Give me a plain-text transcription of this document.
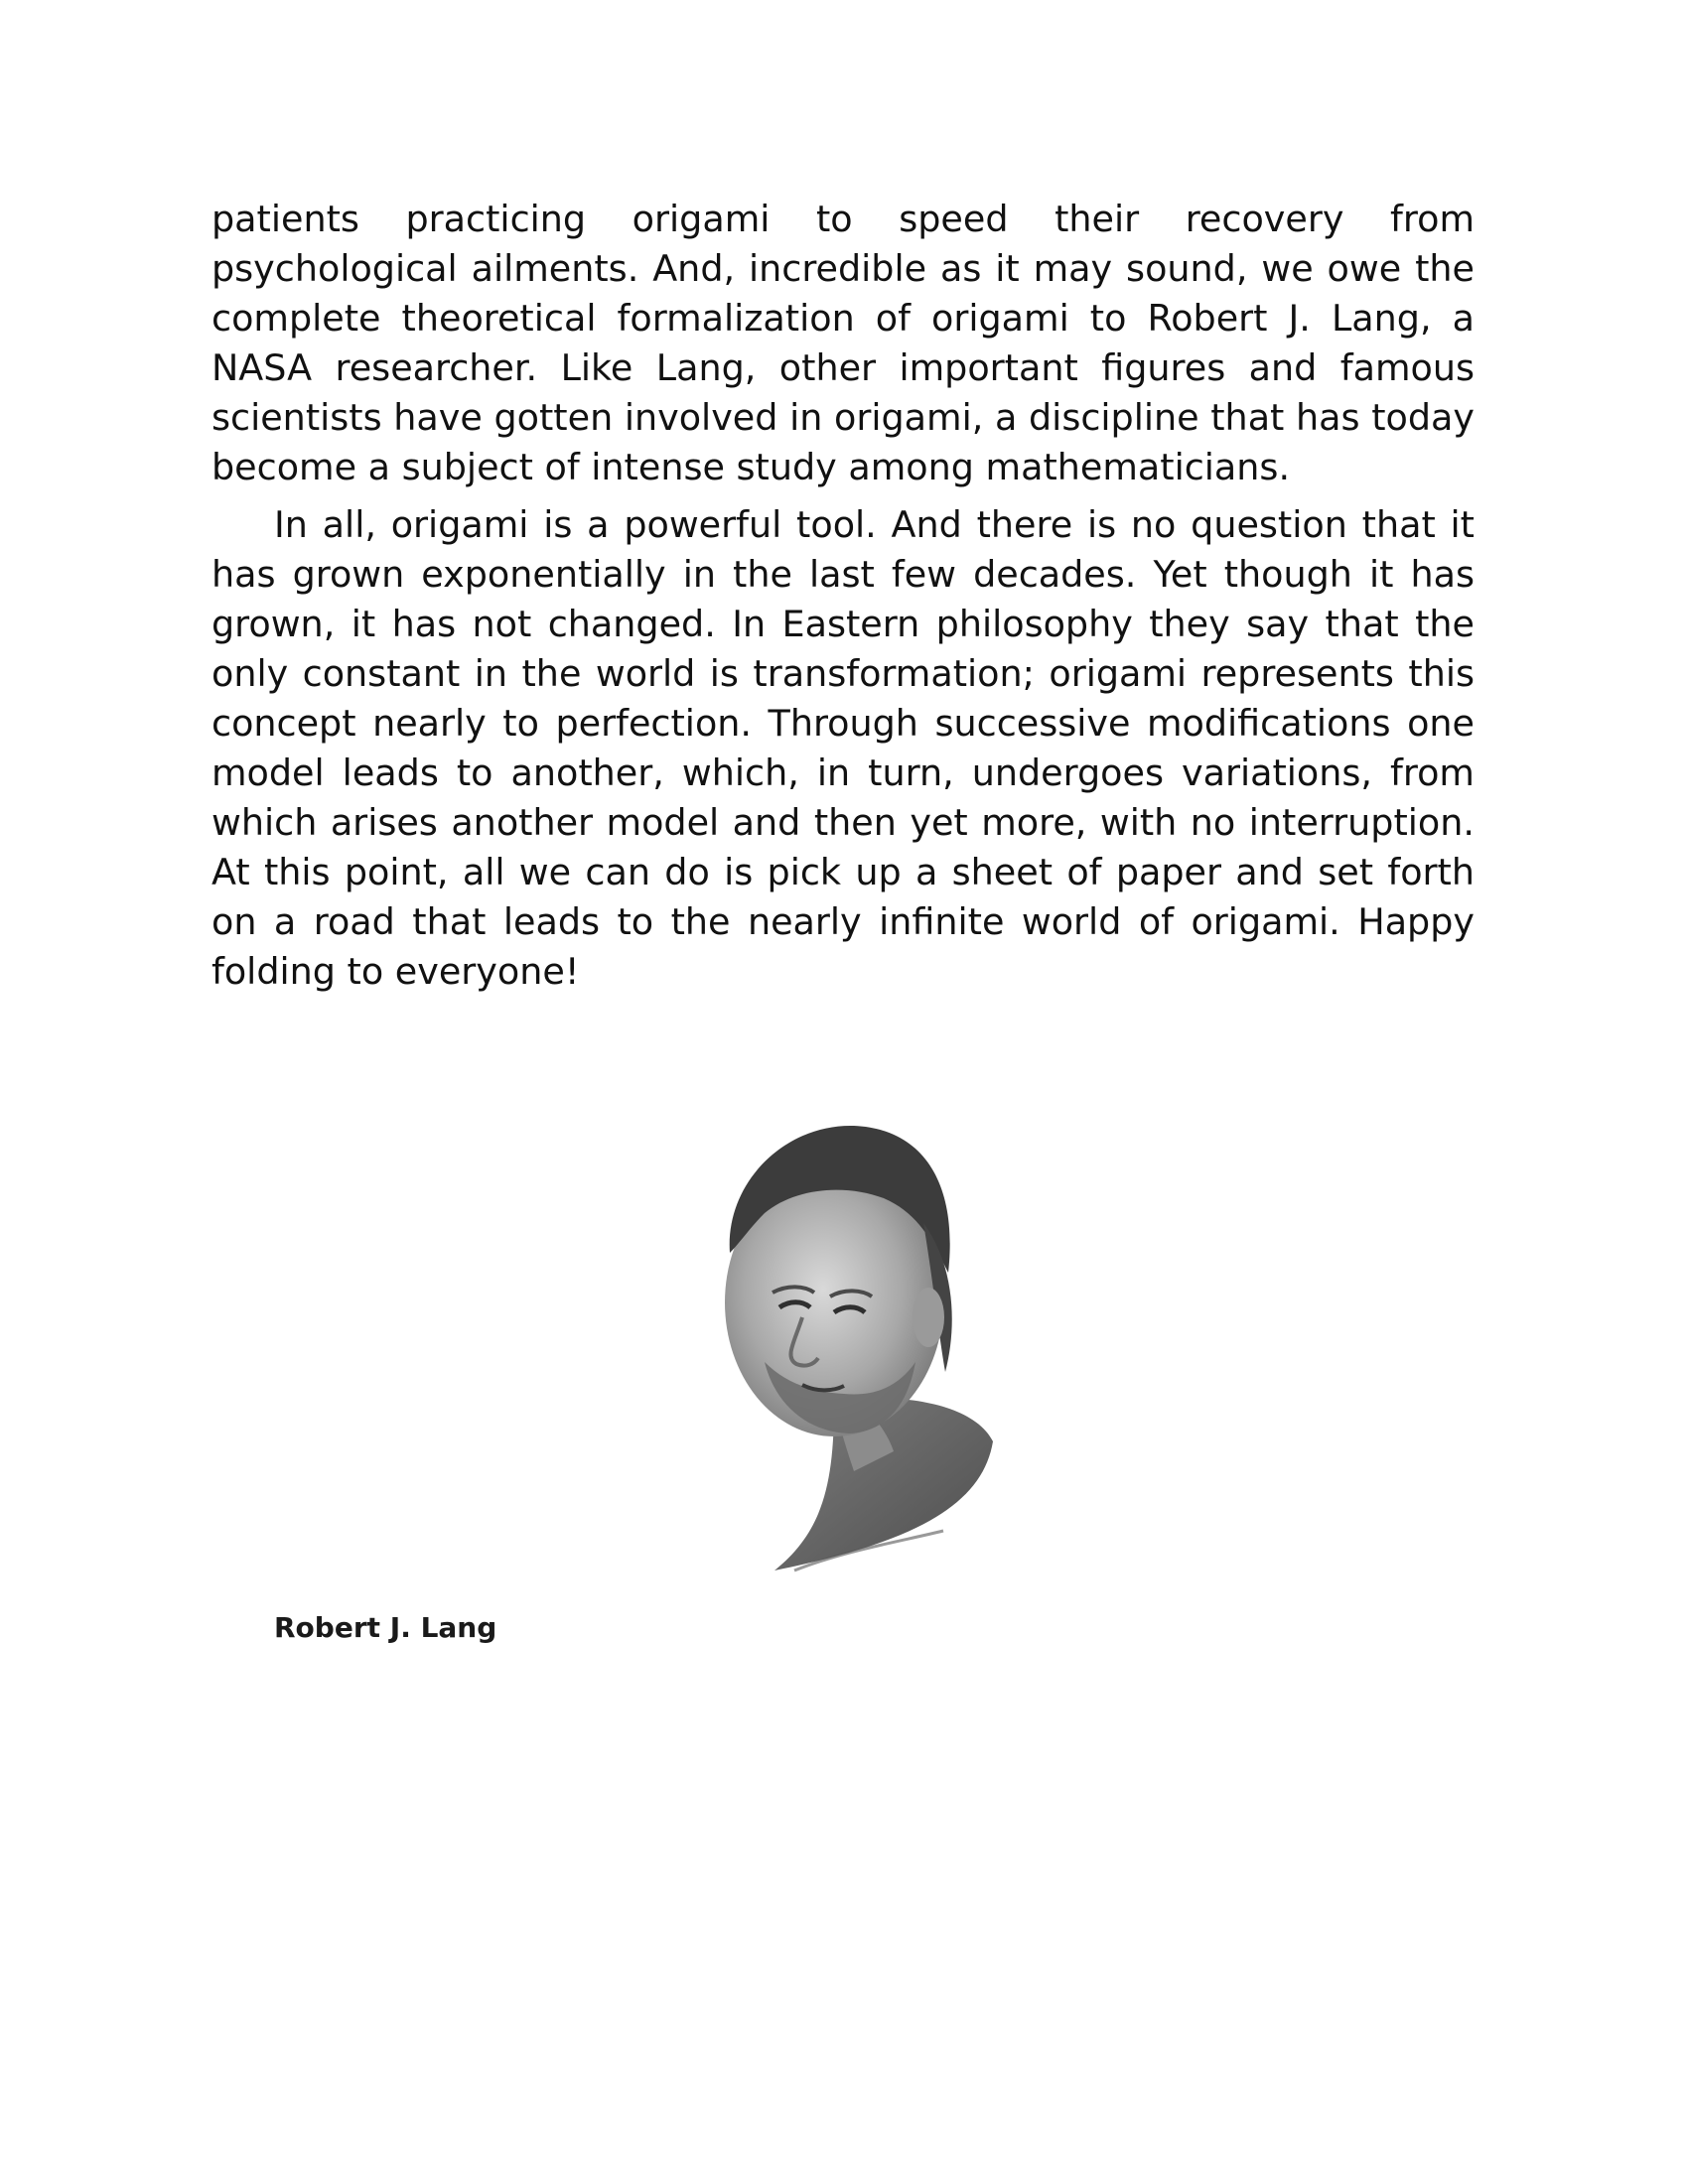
patients practicing origami to speed their recovery from psychological ailments. And, incredible as it may sound, we owe the complete theoretical formalization of origami to Robert J. Lang, a NASA researcher. Like Lang, other important figures and famous scientists have gotten involved in origami, a discipline that has today become a subject of intense study among mathematicians.

In all, origami is a powerful tool. And there is no question that it has grown exponentially in the last few decades. Yet though it has grown, it has not changed. In Eastern philosophy they say that the only constant in the world is transformation; origami represents this concept nearly to perfection. Through successive modifications one model leads to another, which, in turn, undergoes variations, from which arises another model and then yet more, with no interruption. At this point, all we can do is pick up a sheet of paper and set forth on a road that leads to the nearly infinite world of origami. Happy folding to everyone!

Robert J. Lang
